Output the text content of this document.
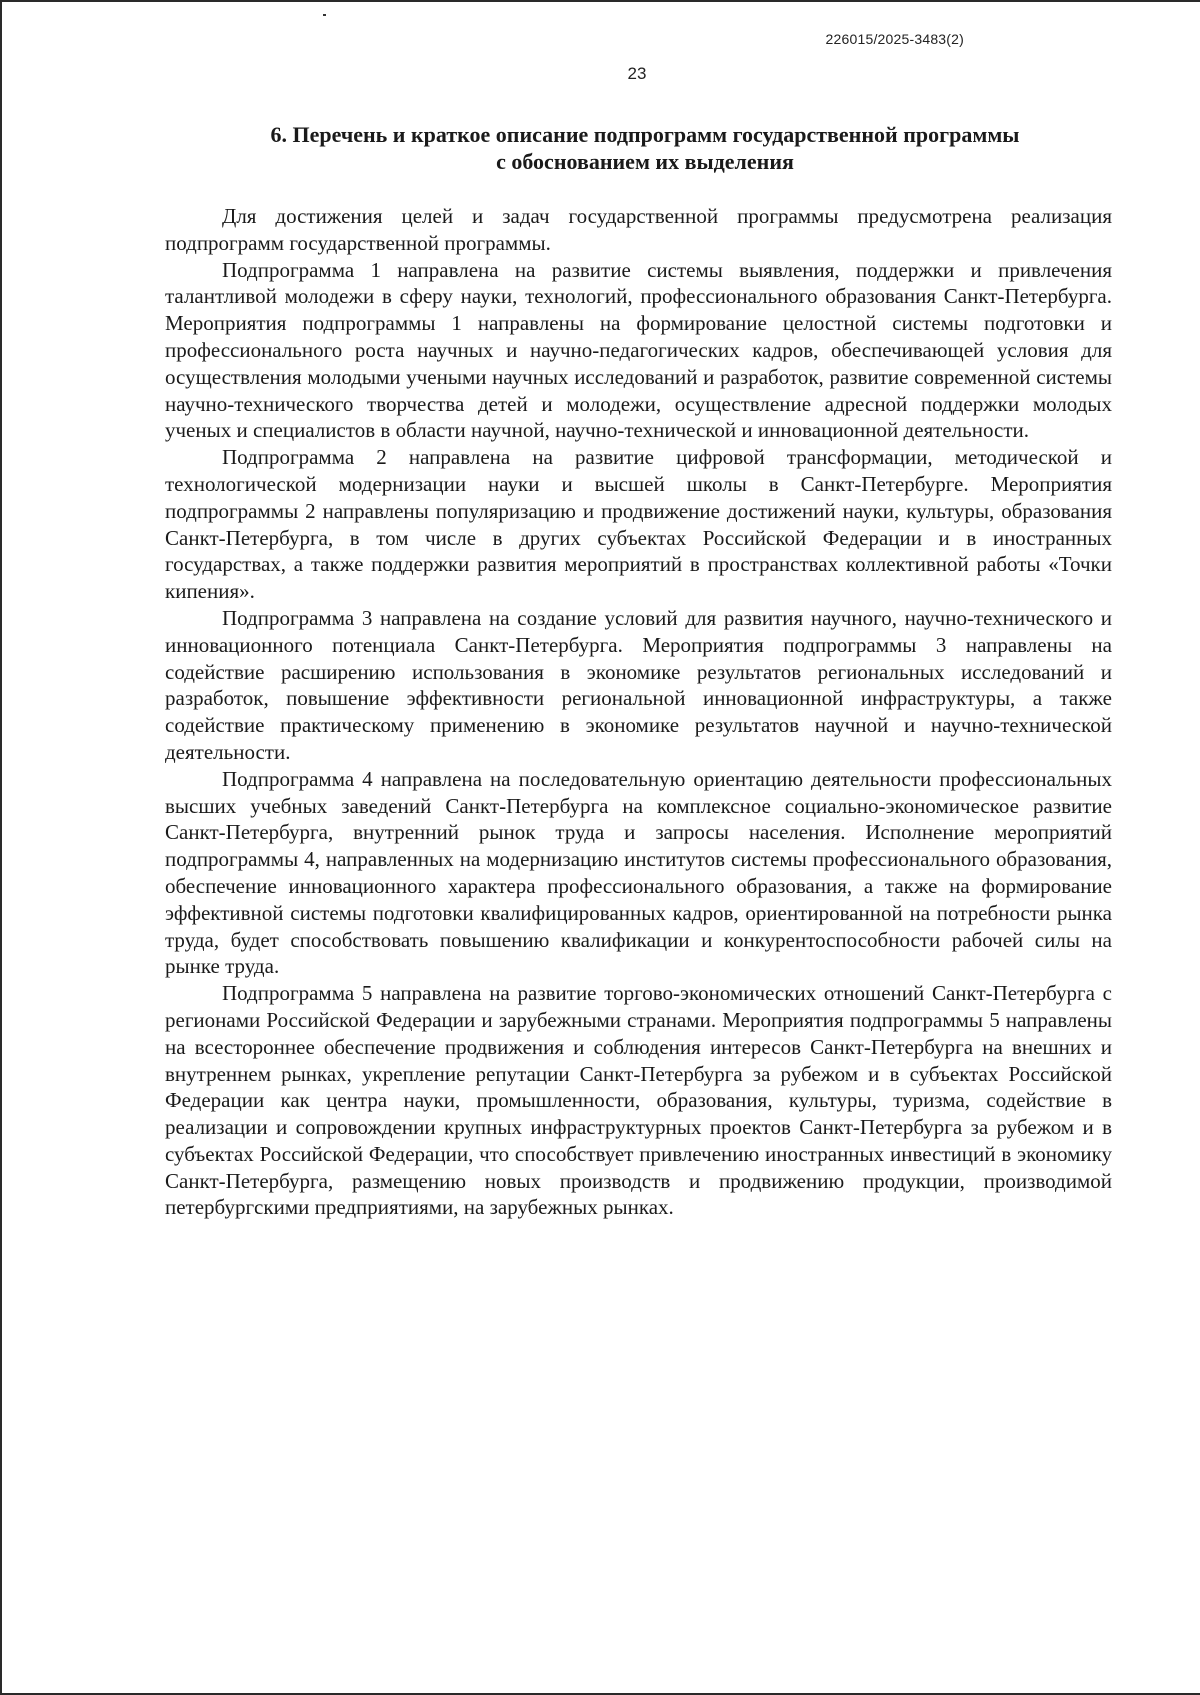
226015/2025-3483(2)
23
6. Перечень и краткое описание подпрограмм государственной программы
с обоснованием их выделения

Для достижения целей и задач государственной программы предусмотрена реализация подпрограмм государственной программы.

Подпрограмма 1 направлена на развитие системы выявления, поддержки и привлечения талантливой молодежи в сферу науки, технологий, профессионального образования Санкт-Петербурга. Мероприятия подпрограммы 1 направлены на формирование целостной системы подготовки и профессионального роста научных и научно-педагогических кадров, обеспечивающей условия для осуществления молодыми учеными научных исследований и разработок, развитие современной системы научно-технического творчества детей и молодежи, осуществление адресной поддержки молодых ученых и специалистов в области научной, научно-технической и инновационной деятельности.

Подпрограмма 2 направлена на развитие цифровой трансформации, методической и технологической модернизации науки и высшей школы в Санкт-Петербурге. Мероприятия подпрограммы 2 направлены популяризацию и продвижение достижений науки, культуры, образования Санкт-Петербурга, в том числе в других субъектах Российской Федерации и в иностранных государствах, а также поддержки развития мероприятий в пространствах коллективной работы «Точки кипения».

Подпрограмма 3 направлена на создание условий для развития научного, научно-технического и инновационного потенциала Санкт-Петербурга. Мероприятия подпрограммы 3 направлены на содействие расширению использования в экономике результатов региональных исследований и разработок, повышение эффективности региональной инновационной инфраструктуры, а также содействие практическому применению в экономике результатов научной и научно-технической деятельности.

Подпрограмма 4 направлена на последовательную ориентацию деятельности профессиональных высших учебных заведений Санкт-Петербурга на комплексное социально-экономическое развитие Санкт-Петербурга, внутренний рынок труда и запросы населения. Исполнение мероприятий подпрограммы 4, направленных на модернизацию институтов системы профессионального образования, обеспечение инновационного характера профессионального образования, а также на формирование эффективной системы подготовки квалифицированных кадров, ориентированной на потребности рынка труда, будет способствовать повышению квалификации и конкурентоспособности рабочей силы на рынке труда.

Подпрограмма 5 направлена на развитие торгово-экономических отношений Санкт-Петербурга с регионами Российской Федерации и зарубежными странами. Мероприятия подпрограммы 5 направлены на всестороннее обеспечение продвижения и соблюдения интересов Санкт-Петербурга на внешних и внутреннем рынках, укрепление репутации Санкт-Петербурга за рубежом и в субъектах Российской Федерации как центра науки, промышленности, образования, культуры, туризма, содействие в реализации и сопровождении крупных инфраструктурных проектов Санкт-Петербурга за рубежом и в субъектах Российской Федерации, что способствует привлечению иностранных инвестиций в экономику Санкт-Петербурга, размещению новых производств и продвижению продукции, производимой петербургскими предприятиями, на зарубежных рынках.
